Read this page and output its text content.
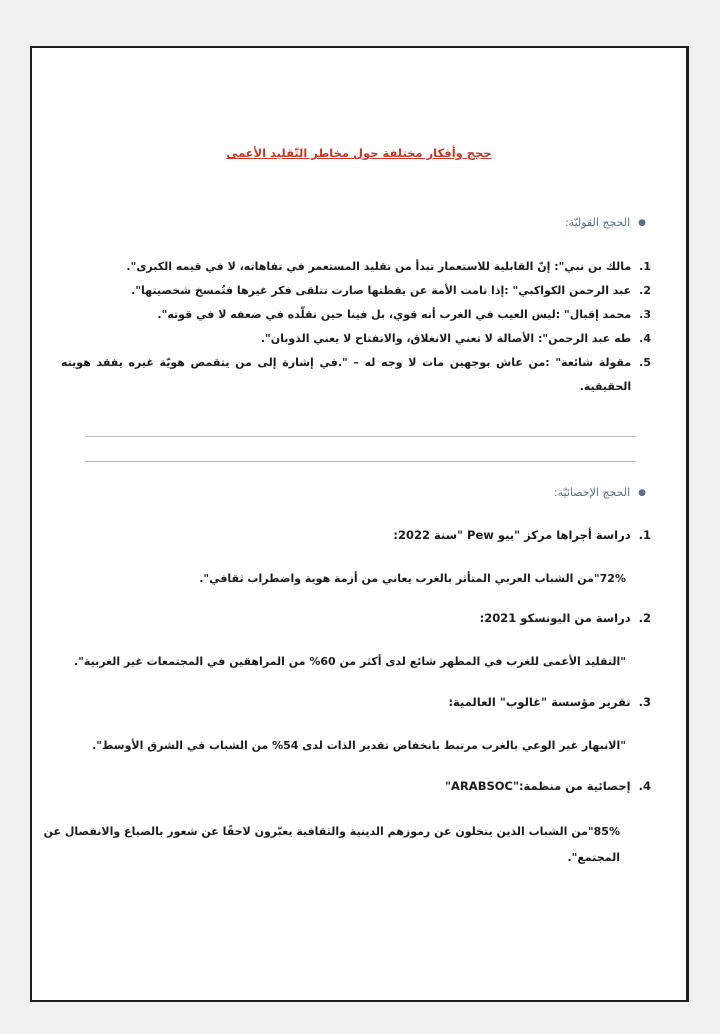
حجج وأفكار مختلفة حول مخاطر التّقليد الأعمى
●
الحجج القوليّة:
1.
مالك بن نبي": إنّ القابلية للاستعمار تبدأ من تقليد المستعمر في تفاهاته، لا في قيمه الكبرى".
2.
عبد الرحمن الكواكبي" :إذا نامت الأمة عن يقظتها صارت تتلقى فكر غيرها فتُمسخ شخصيتها".
3.
محمد إقبال" :ليس العيب في الغرب أنه قوي، بل فينا حين نقلّده في ضعفه لا في قوته".
4.
طه عبد الرحمن": الأصالة لا تعني الانغلاق، والانفتاح لا يعني الذوبان".
5.
مقولة شائعة" :من عاش بوجهين مات لا وجه له – ".في إشارة إلى من يتقمص هويّة غيره يفقد هويته الحقيقية.
●
الحجج الإحصائيّة:
1.
دراسة أجراها مركز "بيو Pew "سنة 2022:
72%"من الشباب العربي المتأثر بالغرب يعاني من أزمة هوية واضطراب ثقافي".
2.
دراسة من اليونسكو 2021:
"التقليد الأعمى للغرب في المظهر شائع لدى أكثر من 60% من المراهقين في المجتمعات غير الغربية".
3.
تقرير مؤسسة "غالوب" العالمية:
"الانبهار غير الوعي بالغرب مرتبط بانخفاض تقدير الذات لدى 54% من الشباب في الشرق الأوسط".
4.
إحصائية من منظمة:"ARABSOC"
85%"من الشباب الذين يتخلون عن رموزهم الدينية والثقافية يعبّرون لاحقًا عن شعور بالضياع والانفصال عن المجتمع".
